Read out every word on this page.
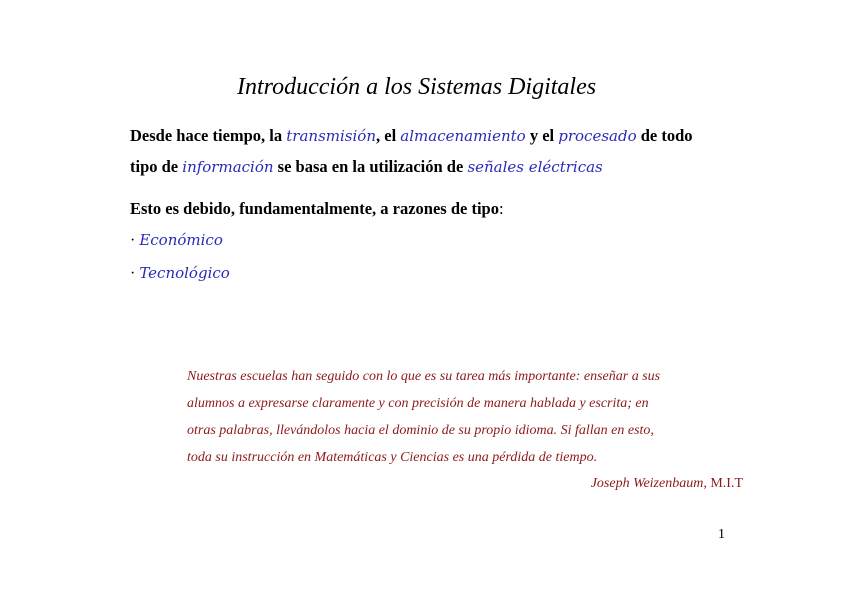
Introducción a los Sistemas Digitales
Desde hace tiempo, la transmisión, el almacenamiento y el procesado de todo
tipo de información se basa en la utilización de señales eléctricas
Esto es debido, fundamentalmente, a razones de tipo:
· Económico
· Tecnológico
Nuestras escuelas han seguido con lo que es su tarea más importante: enseñar a sus
alumnos a expresarse claramente y con precisión de manera hablada y escrita; en
otras palabras, llevándolos hacia el dominio de su propio idioma. Si fallan en esto,
toda su instrucción en Matemáticas y Ciencias es una pérdida de tiempo.
Joseph Weizenbaum, M.I.T
1
